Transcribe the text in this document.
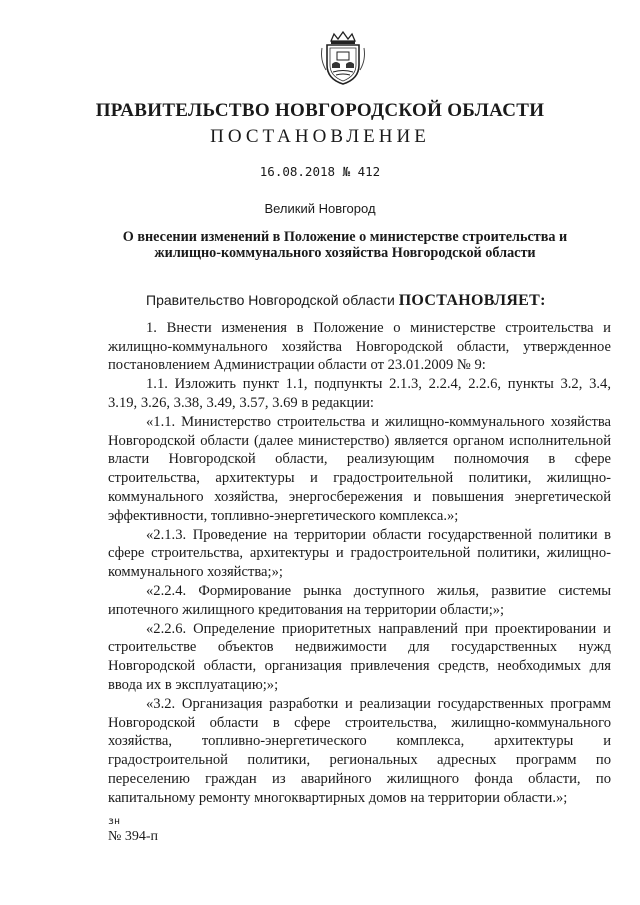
ПРАВИТЕЛЬСТВО НОВГОРОДСКОЙ ОБЛАСТИ
ПОСТАНОВЛЕНИЕ
16.08.2018 № 412
Великий Новгород
О внесении изменений в Положение о министерстве строительства и жилищно-коммунального хозяйства Новгородской области

Правительство Новгородской области ПОСТАНОВЛЯЕТ:

1. Внести изменения в Положение о министерстве строительства и жилищно-коммунального хозяйства Новгородской области, утвержденное постановлением Администрации области от 23.01.2009 № 9:

1.1. Изложить пункт 1.1, подпункты 2.1.3, 2.2.4, 2.2.6, пункты 3.2, 3.4, 3.19, 3.26, 3.38, 3.49, 3.57, 3.69 в редакции:

«1.1. Министерство строительства и жилищно-коммунального хозяйства Новгородской области (далее министерство) является органом исполнительной власти Новгородской области, реализующим полномочия в сфере строительства, архитектуры и градостроительной политики, жилищно-коммунального хозяйства, энергосбережения и повышения энергетической эффективности, топливно-энергетического комплекса.»;

«2.1.3. Проведение на территории области государственной политики в сфере строительства, архитектуры и градостроительной политики, жилищно-коммунального хозяйства;»;

«2.2.4. Формирование рынка доступного жилья, развитие системы ипотечного жилищного кредитования на территории области;»;

«2.2.6. Определение приоритетных направлений при проектировании и строительстве объектов недвижимости для государственных нужд Новгородской области, организация привлечения средств, необходимых для ввода их в эксплуатацию;»;

«3.2. Организация разработки и реализации государственных программ Новгородской области в сфере строительства, жилищно-коммунального хозяйства, топливно-энергетического комплекса, архитектуры и градостроительной политики, региональных адресных программ по переселению граждан из аварийного жилищного фонда области, по капитальному ремонту многоквартирных домов на территории области.»;

зн
№ 394-п
